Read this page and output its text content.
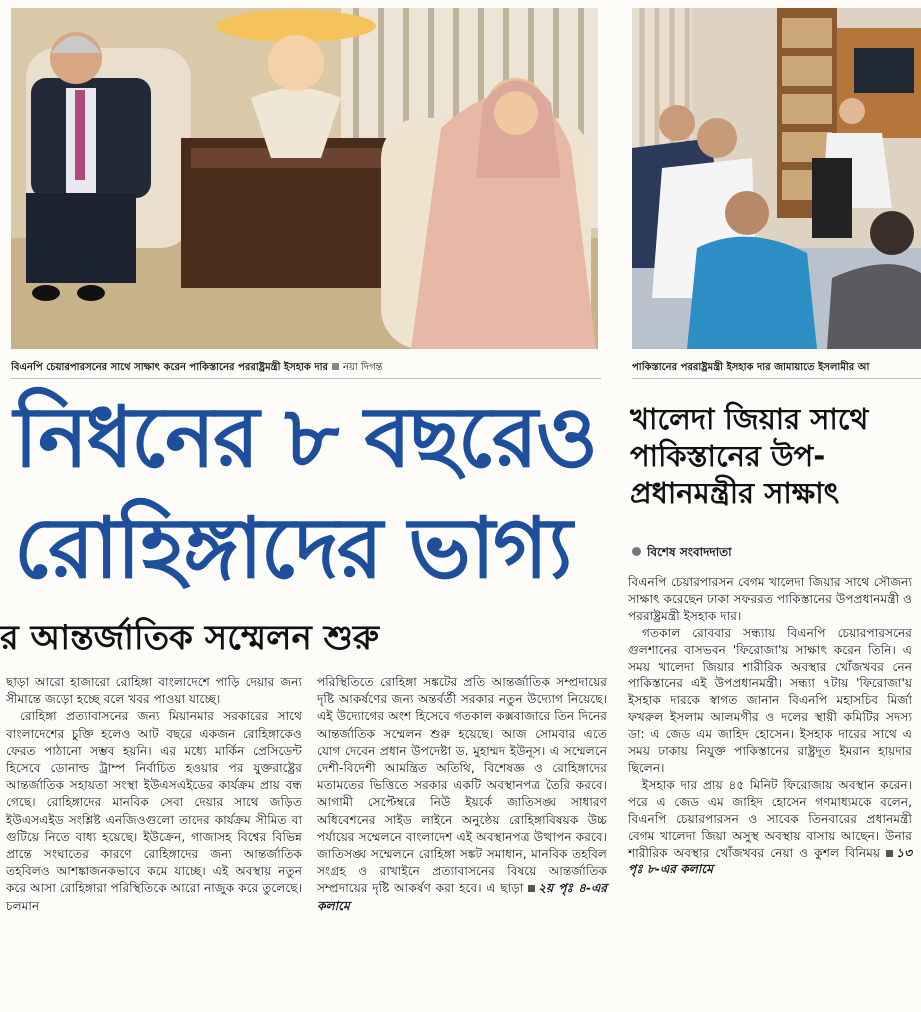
বিএনপি চেয়ারপারসনের সাথে সাক্ষাৎ করেন পাকিস্তানের পররাষ্ট্রমন্ত্রী ইসহাক দার নয়া দিগন্ত	পাকিস্তানের পররাষ্ট্রমন্ত্রী ইসহাক দার জামায়াতে ইসলামীর আ
নিধনের ৮ বছরেও
রোহিঙ্গাদের ভাগ্য
র আন্তর্জাতিক সম্মেলন শুরু

ছাড়া আরো হাজারো রোহিঙ্গা বাংলাদেশে পাড়ি দেয়ার জন্য সীমান্তে জড়ো হচ্ছে বলে খবর পাওয়া যাচ্ছে।

রোহিঙ্গা প্রত্যাবাসনের জন্য মিয়ানমার সরকারের সাথে বাংলাদেশের চুক্তি হলেও আট বছরে একজন রোহিঙ্গাকেও ফেরত পাঠানো সম্ভব হয়নি। এর মধ্যে মার্কিন প্রেসিডেন্ট হিসেবে ডোনাল্ড ট্রাম্প নির্বাচিত হওয়ার পর যুক্তরাষ্ট্রের আন্তর্জাতিক সহায়তা সংস্থা ইউএসএইডের কার্যক্রম প্রায় বন্ধ গেছে। রোহিঙ্গাদের মানবিক সেবা দেয়ার সাথে জড়িত ইউএসএইড সংশ্লিষ্ট এনজিওগুলো তাদের কার্যক্রম সীমিত বা গুটিয়ে নিতে বাধ্য হয়েছে। ইউক্রেন, গাজাসহ বিশ্বের বিভিন্ন প্রান্তে সংঘাতের কারণে রোহিঙ্গাদের জন্য আন্তর্জাতিক তহবিলও আশঙ্কাজনকভাবে কমে যাচ্ছে। এই অবস্থায় নতুন করে আসা রোহিঙ্গারা পরিস্থিতিকে আরো নাজুক করে তুলেছে। চলমান

পরিস্থিতিতে রোহিঙ্গা সঙ্কটের প্রতি আন্তর্জাতিক সম্প্রদায়ের দৃষ্টি আকর্ষণের জন্য অন্তর্বর্তী সরকার নতুন উদ্যোগ নিয়েছে। এই উদ্যোগের অংশ হিসেবে গতকাল কক্সবাজারে তিন দিনের আন্তর্জাতিক সম্মেলন শুরু হয়েছে। আজ সোমবার এতে যোগ দেবেন প্রধান উপদেষ্টা ড. মুহাম্মদ ইউনূস। এ সম্মেলনে দেশী-বিদেশী আমন্ত্রিত অতিথি, বিশেষজ্ঞ ও রোহিঙ্গাদের মতামতের ভিত্তিতে সরকার একটি অবস্থানপত্র তৈরি করবে। আগামী সেপ্টেম্বরে নিউ ইয়র্কে জাতিসঙ্ঘ সাধারণ অধিবেশনের সাইড লাইনে অনুষ্ঠেয় রোহিঙ্গাবিষয়ক উচ্চ পর্যায়ের সম্মেলনে বাংলাদেশ এই অবস্থানপত্র উত্থাপন করবে। জাতিসঙ্ঘ সম্মেলনে রোহিঙ্গা সঙ্কট সমাধান, মানবিক তহবিল সংগ্রহ ও রাখাইনে প্রত্যাবাসনের বিষয়ে আন্তর্জাতিক সম্প্রদায়ের দৃষ্টি আকর্ষণ করা হবে। এ ছাড়া ২য় পৃঃ ৪-এর কলামে

খালেদা জিয়ার সাথে পাকিস্তানের উপ-প্রধানমন্ত্রীর সাক্ষাৎ
বিশেষ সংবাদদাতা

বিএনপি চেয়ারপারসন বেগম খালেদা জিয়ার সাথে সৌজন্য সাক্ষাৎ করেছেন ঢাকা সফররত পাকিস্তানের উপপ্রধানমন্ত্রী ও পররাষ্ট্রমন্ত্রী ইসহাক দার।

গতকাল রোববার সন্ধ্যায় বিএনপি চেয়ারপারসনের গুলশানের বাসভবন 'ফিরোজা'য় সাক্ষাৎ করেন তিনি। এ সময় খালেদা জিয়ার শারীরিক অবস্থার খোঁজখবর নেন পাকিস্তানের এই উপপ্রধানমন্ত্রী। সন্ধ্যা ৭টায় 'ফিরোজা'য় ইসহাক দারকে স্বাগত জানান বিএনপি মহাসচিব মির্জা ফখরুল ইসলাম আলমগীর ও দলের স্থায়ী কমিটির সদস্য ডা: এ জেড এম জাহিদ হোসেন। ইসহাক দারের সাথে এ সময় ঢাকায় নিযুক্ত পাকিস্তানের রাষ্ট্রদূত ইমরান হায়দার ছিলেন।

ইসহাক দার প্রায় ৪৫ মিনিট ফিরোজায় অবস্থান করেন। পরে এ জেড এম জাহিদ হোসেন গণমাধ্যমকে বলেন, বিএনপি চেয়ারপারসন ও সাবেক তিনবারের প্রধানমন্ত্রী বেগম খালেদা জিয়া অসুস্থ অবস্থায় বাসায় আছেন। উনার শারীরিক অবস্থার খোঁজখবর নেয়া ও কুশল বিনিময় ১৩ পৃঃ ৮-এর কলামে
